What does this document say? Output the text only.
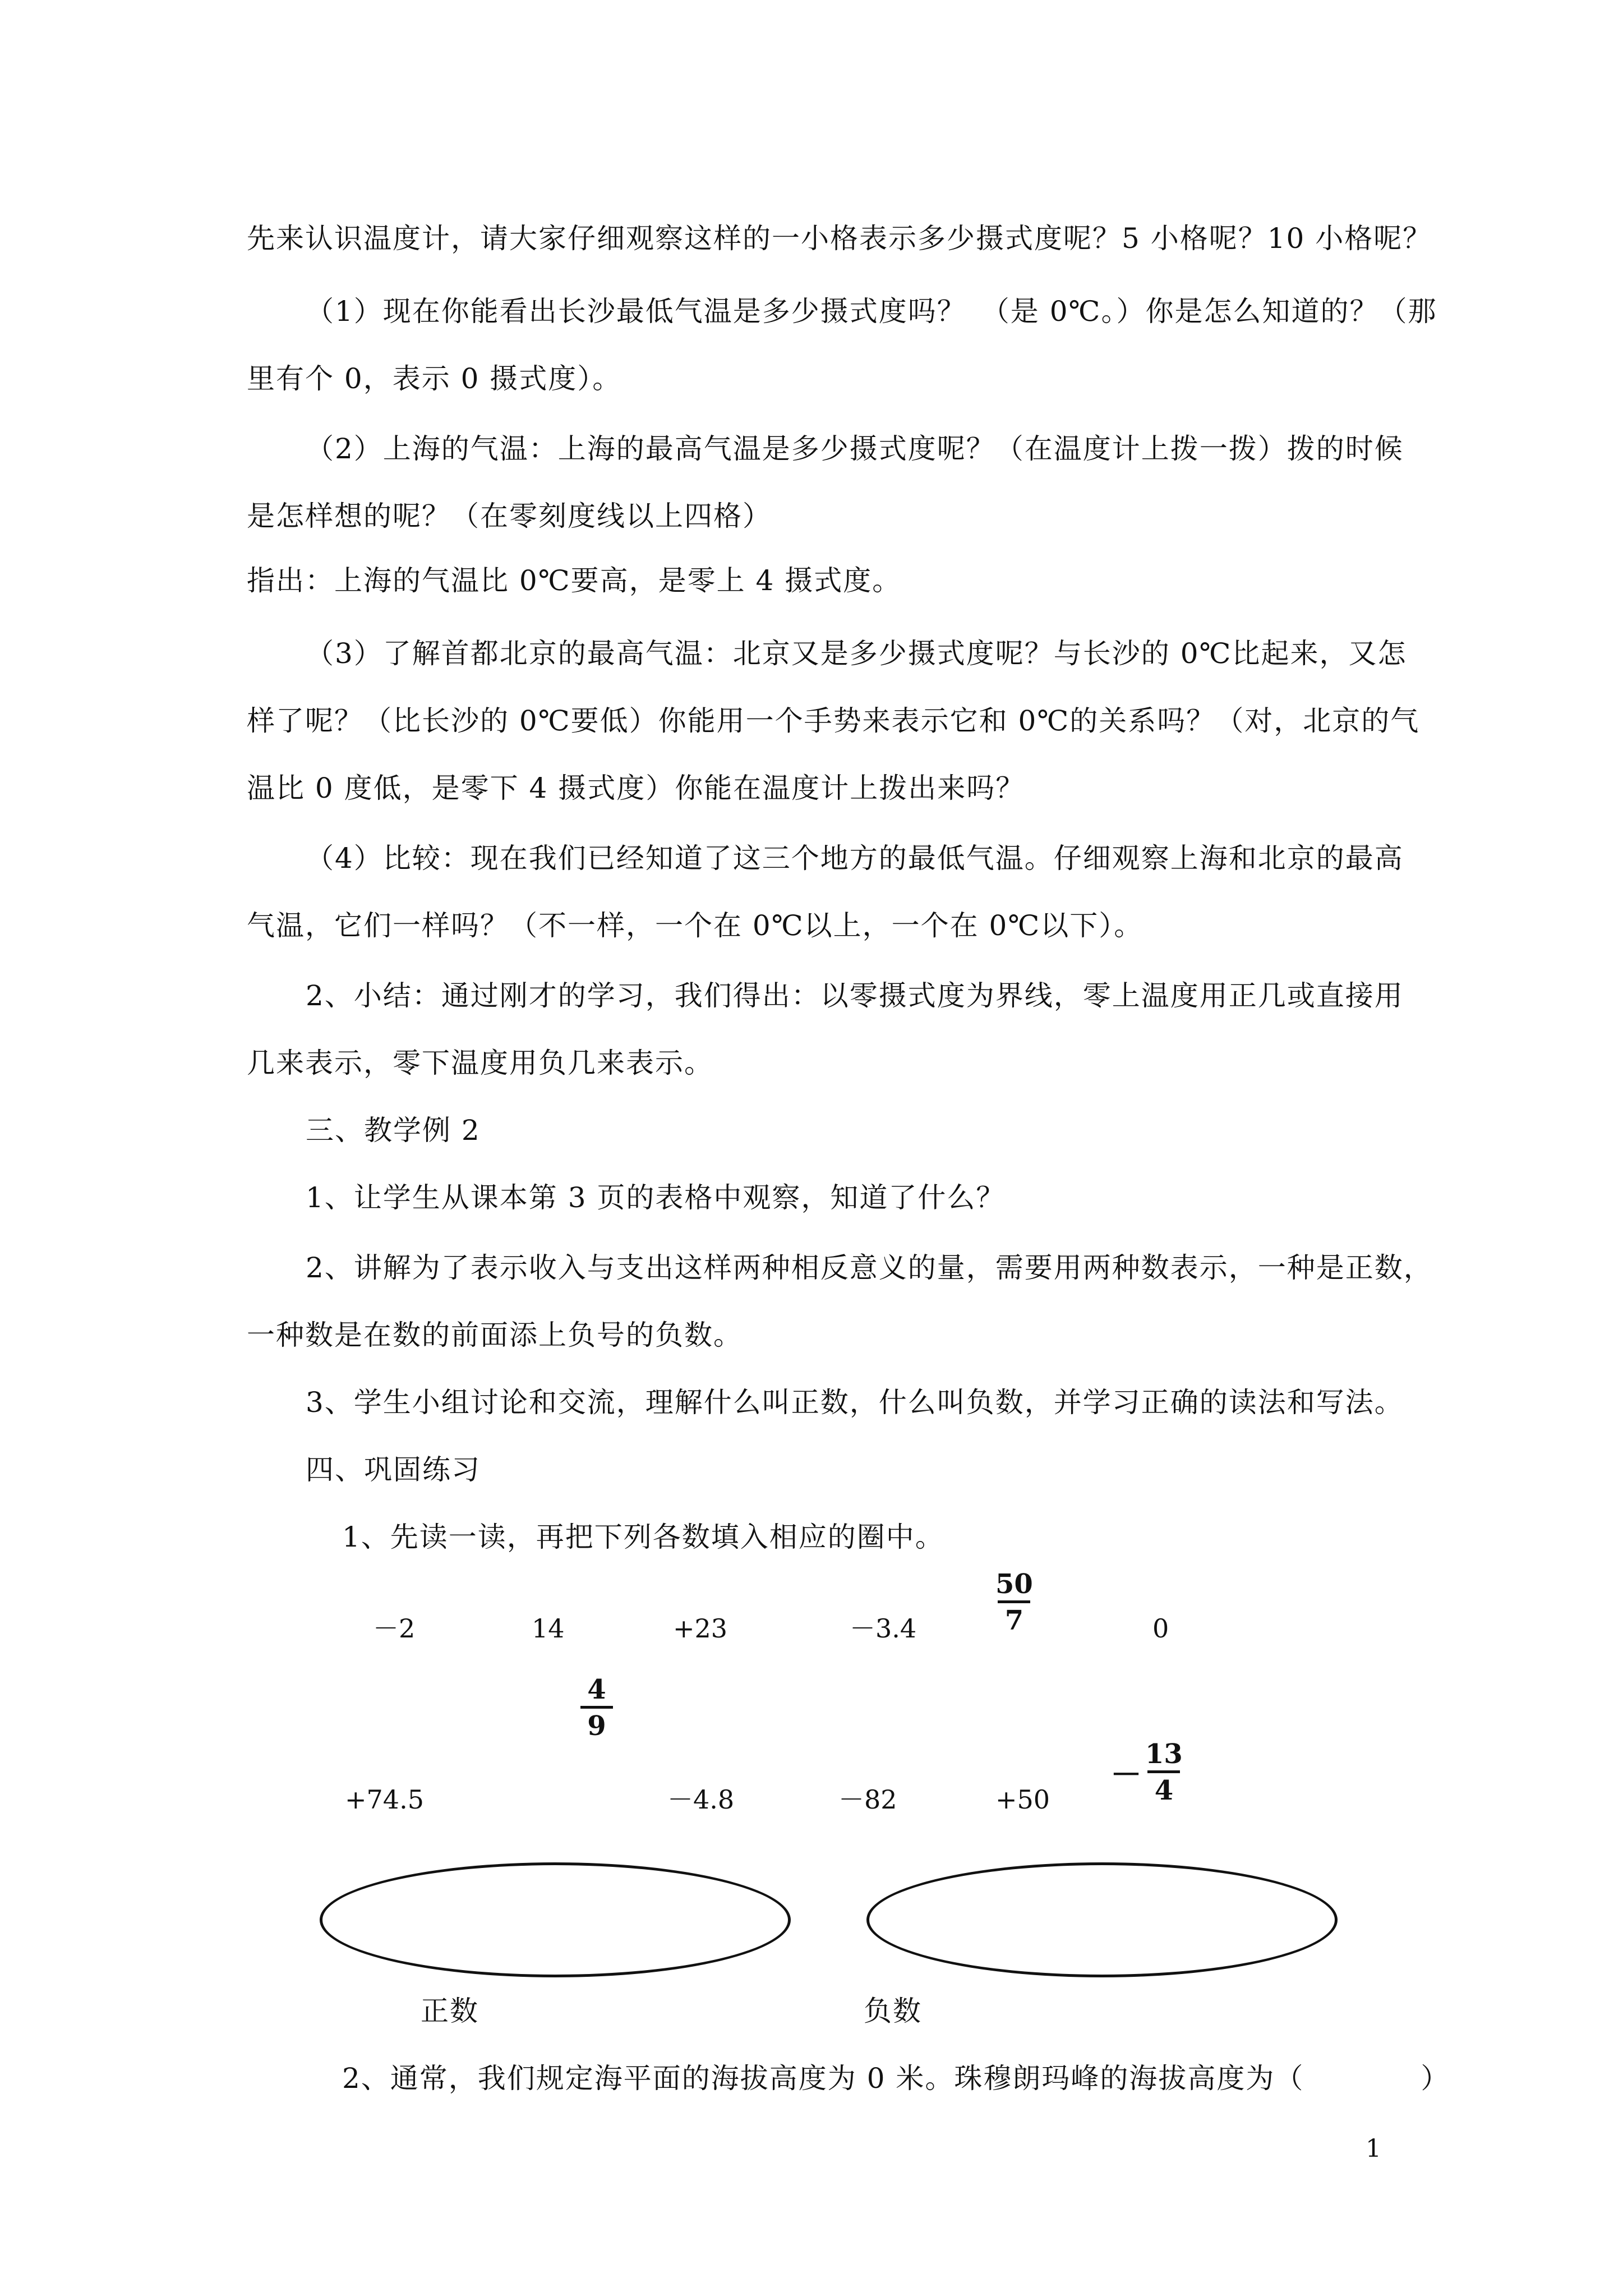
先来认识温度计，请大家仔细观察这样的一小格表示多少摄式度呢？5 小格呢？10 小格呢？

（1）现在你能看出长沙最低气温是多少摄式度吗？　（是 0℃。）你是怎么知道的？（那

里有个 0，表示 0 摄式度）。

（2）上海的气温：上海的最高气温是多少摄式度呢？（在温度计上拨一拨）拨的时候

是怎样想的呢？（在零刻度线以上四格）

指出：上海的气温比 0℃要高，是零上 4 摄式度。

（3）了解首都北京的最高气温：北京又是多少摄式度呢？与长沙的 0℃比起来，又怎

样了呢？（比长沙的 0℃要低）你能用一个手势来表示它和 0℃的关系吗？（对，北京的气

温比 0 度低，是零下 4 摄式度）你能在温度计上拨出来吗？

（4）比较：现在我们已经知道了这三个地方的最低气温。仔细观察上海和北京的最高

气温，它们一样吗？（不一样，一个在 0℃以上，一个在 0℃以下）。

2、小结：通过刚才的学习，我们得出：以零摄式度为界线，零上温度用正几或直接用

几来表示，零下温度用负几来表示。

三、教学例 2

1、让学生从课本第 3 页的表格中观察，知道了什么？

2、讲解为了表示收入与支出这样两种相反意义的量，需要用两种数表示，一种是正数，

一种数是在数的前面添上负号的负数。

3、学生小组讨论和交流，理解什么叫正数，什么叫负数，并学习正确的读法和写法。

四、巩固练习

1、先读一读，再把下列各数填入相应的圈中。

－2	14	+23	－3.4
50
7	0
4
9
+74.5	－4.8	－82	+50
－
13
4
正数	负数

2、通常，我们规定海平面的海拔高度为 0 米。珠穆朗玛峰的海拔高度为（　　　　）

1
